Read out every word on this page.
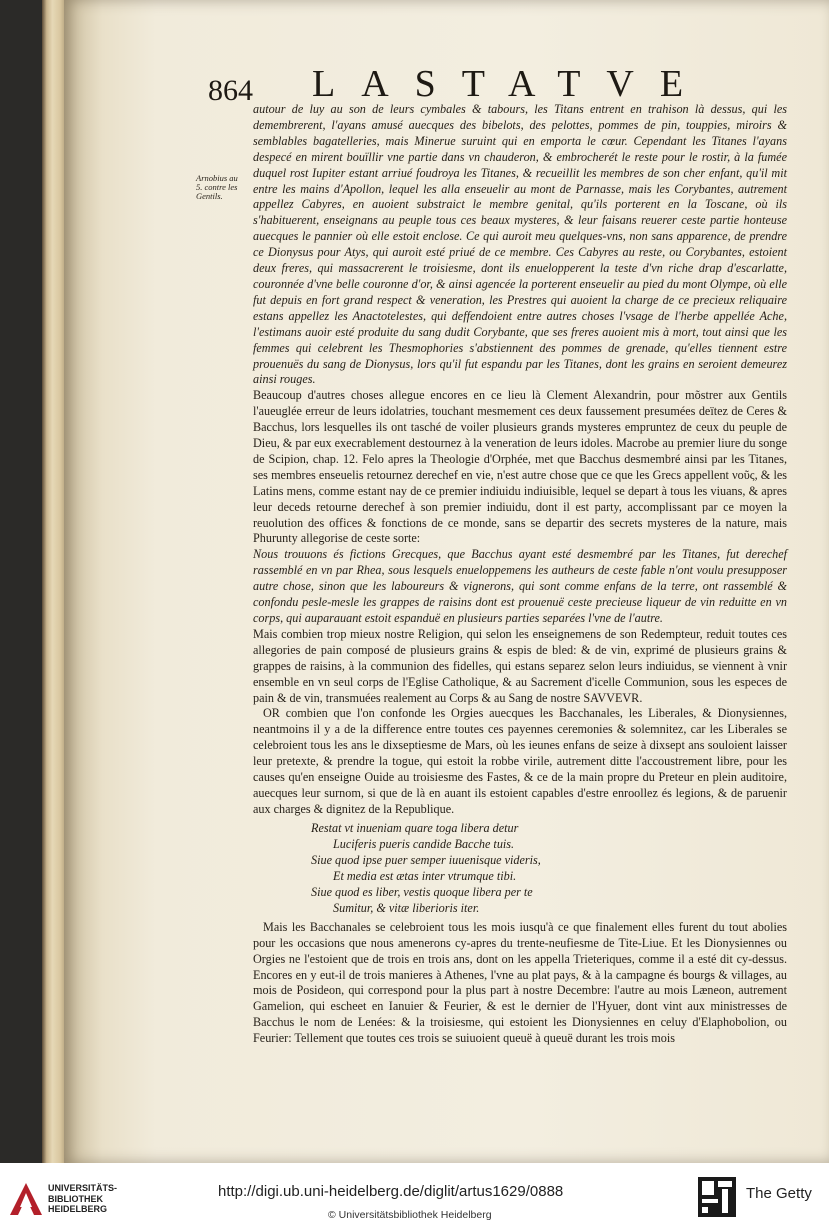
864 LASTATVE
Arnobius au 5. contre les Gentils.

autour de luy au son de leurs cymbales & tabours, les Titans entrent en trahison là dessus, qui les demembrerent, l'ayans amusé auecques des bibelots, des pelottes, pommes de pin, touppies, miroirs & semblables bagatelleries, mais Minerue suruint qui en emporta le cœur. Cependant les Titanes l'ayans despecé en mirent bouïllir vne partie dans vn chauderon, & embrocherét le reste pour le rostir, à la fumée duquel rost Iupiter estant arriué foudroya les Titanes, & recueillit les membres de son cher enfant, qu'il mit entre les mains d'Apollon, lequel les alla enseuelir au mont de Parnasse, mais les Corybantes, autrement appellez Cabyres, en auoient substraict le membre genital, qu'ils porterent en la Toscane, où ils s'habituerent, enseignans au peuple tous ces beaux mysteres, & leur faisans reuerer ceste partie honteuse auecques le pannier où elle estoit enclose. Ce qui auroit meu quelques-vns, non sans apparence, de prendre ce Dionysus pour Atys, qui auroit esté priué de ce membre. Ces Cabyres au reste, ou Corybantes, estoient deux freres, qui massacrerent le troisiesme, dont ils enuelopperent la teste d'vn riche drap d'escarlatte, couronnée d'vne belle couronne d'or, & ainsi agencée la porterent enseuelir au pied du mont Olympe, où elle fut depuis en fort grand respect & veneration, les Prestres qui auoient la charge de ce precieux reliquaire estans appellez les Anactotelestes, qui deffendoient entre autres choses l'vsage de l'herbe appellée Ache, l'estimans auoir esté produite du sang dudit Corybante, que ses freres auoient mis à mort, tout ainsi que les femmes qui celebrent les Thesmophories s'abstiennent des pommes de grenade, qu'elles tiennent estre prouenuës du sang de Dionysus, lors qu'il fut espandu par les Titanes, dont les grains en seroient demeurez ainsi rouges.

Beaucoup d'autres choses allegue encores en ce lieu là Clement Alexandrin, pour mõstrer aux Gentils l'aueuglée erreur de leurs idolatries, touchant mesmement ces deux faussement presumées deïtez de Ceres & Bacchus, lors lesquelles ils ont tasché de voiler plusieurs grands mysteres empruntez de ceux du peuple de Dieu, & par eux execrablement destournez à la veneration de leurs idoles. Macrobe au premier liure du songe de Scipion, chap. 12. Felo apres la Theologie d'Orphée, met que Bacchus desmembré ainsi par les Titanes, ses membres enseuelis retournez derechef en vie, n'est autre chose que ce que les Grecs appellent νοῦς, & les Latins mens, comme estant nay de ce premier indiuidu indiuisible, lequel se depart à tous les viuans, & apres leur deceds retourne derechef à son premier indiuidu, dont il est party, accomplissant par ce moyen la reuolution des offices & fonctions de ce monde, sans se departir des secrets mysteres de la nature, mais Phurunty allegorise de ceste sorte:

Nous trouuons és fictions Grecques, que Bacchus ayant esté desmembré par les Titanes, fut derechef rassemblé en vn par Rhea, sous lesquels enueloppemens les autheurs de ceste fable n'ont voulu presupposer autre chose, sinon que les laboureurs & vignerons, qui sont comme enfans de la terre, ont rassemblé & confondu pesle-mesle les grappes de raisins dont est prouenuë ceste precieuse liqueur de vin reduitte en vn corps, qui auparauant estoit espanduë en plusieurs parties separées l'vne de l'autre.

Mais combien trop mieux nostre Religion, qui selon les enseignemens de son Redempteur, reduit toutes ces allegories de pain composé de plusieurs grains & espis de bled: & de vin, exprimé de plusieurs grains & grappes de raisins, à la communion des fidelles, qui estans separez selon leurs indiuidus, se viennent à vnir ensemble en vn seul corps de l'Eglise Catholique, & au Sacrement d'icelle Communion, sous les especes de pain & de vin, transmuées realement au Corps & au Sang de nostre SAVVEVR.

OR combien que l'on confonde les Orgies auecques les Bacchanales, les Liberales, & Dionysiennes, neantmoins il y a de la difference entre toutes ces payennes ceremonies & solemnitez, car les Liberales se celebroient tous les ans le dixseptiesme de Mars, où les ieunes enfans de seize à dixsept ans souloient laisser leur pretexte, & prendre la togue, qui estoit la robbe virile, autrement ditte l'accoustrement libre, pour les causes qu'en enseigne Ouide au troisiesme des Fastes, & ce de la main propre du Preteur en plein auditoire, auecques leur surnom, si que de là en auant ils estoient capables d'estre enroollez és legions, & de paruenir aux charges & dignitez de la Republique.

Restat vt inueniam quare toga libera detur
Luciferis pueris candide Bacche tuis.
Siue quod ipse puer semper iuuenisque videris,
Et media est ætas inter vtrumque tibi.
Siue quod es liber, vestis quoque libera per te
Sumitur, & vitæ liberioris iter.

Mais les Bacchanales se celebroient tous les mois iusqu'à ce que finalement elles furent du tout abolies pour les occasions que nous amenerons cy-apres du trente-neufiesme de Tite-Liue. Et les Dionysiennes ou Orgies ne l'estoient que de trois en trois ans, dont on les appella Trieteriques, comme il a esté dit cy-dessus. Encores en y eut-il de trois manieres à Athenes, l'vne au plat pays, & à la campagne és bourgs & villages, au mois de Posideon, qui correspond pour la plus part à nostre Decembre: l'autre au mois Læneon, autrement Gamelion, qui escheet en Ianuier & Feurier, & est le dernier de l'Hyuer, dont vint aux ministresses de Bacchus le nom de Lenées: & la troisiesme, qui estoient les Dionysiennes en celuy d'Elaphobolion, ou Feurier: Tellement que toutes ces trois se suiuoient queuë à queuë durant les trois mois

UNIVERSITÄTS-
BIBLIOTHEK
HEIDELBERG
http://digi.ub.uni-heidelberg.de/diglit/artus1629/0888
© Universitätsbibliothek Heidelberg
The Getty
